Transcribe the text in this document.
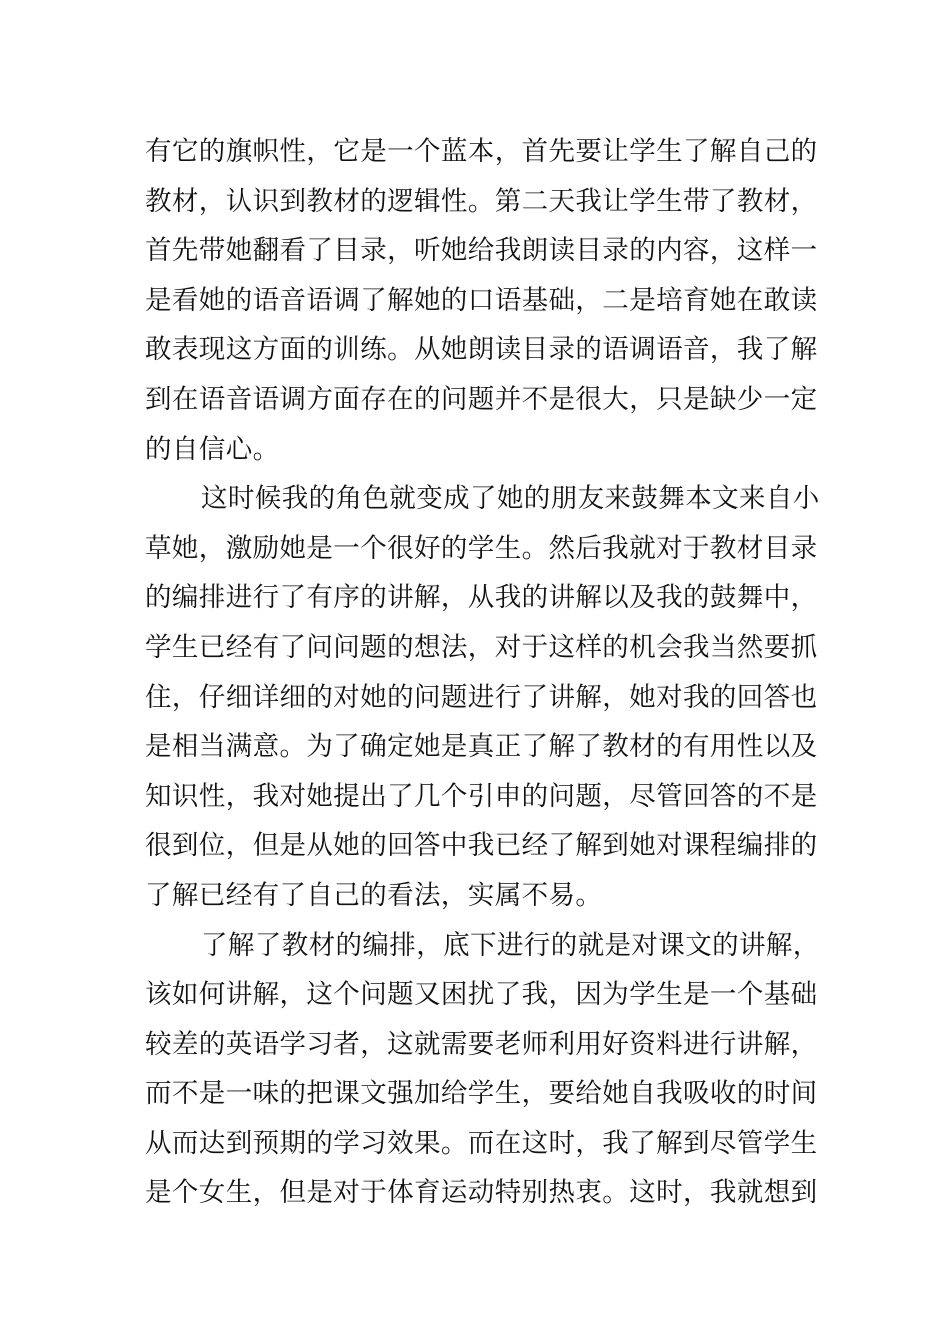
有它的旗帜性，它是一个蓝本，首先要让学生了解自己的
教材，认识到教材的逻辑性。第二天我让学生带了教材，
首先带她翻看了目录，听她给我朗读目录的内容，这样一
是看她的语音语调了解她的口语基础，二是培育她在敢读
敢表现这方面的训练。从她朗读目录的语调语音，我了解
到在语音语调方面存在的问题并不是很大，只是缺少一定
的自信心。
这时候我的角色就变成了她的朋友来鼓舞本文来自小
草她，激励她是一个很好的学生。然后我就对于教材目录
的编排进行了有序的讲解，从我的讲解以及我的鼓舞中，
学生已经有了问问题的想法，对于这样的机会我当然要抓
住，仔细详细的对她的问题进行了讲解，她对我的回答也
是相当满意。为了确定她是真正了解了教材的有用性以及
知识性，我对她提出了几个引申的问题，尽管回答的不是
很到位，但是从她的回答中我已经了解到她对课程编排的
了解已经有了自己的看法，实属不易。
了解了教材的编排，底下进行的就是对课文的讲解，
该如何讲解，这个问题又困扰了我，因为学生是一个基础
较差的英语学习者，这就需要老师利用好资料进行讲解，
而不是一味的把课文强加给学生，要给她自我吸收的时间
从而达到预期的学习效果。而在这时，我了解到尽管学生
是个女生，但是对于体育运动特别热衷。这时，我就想到
